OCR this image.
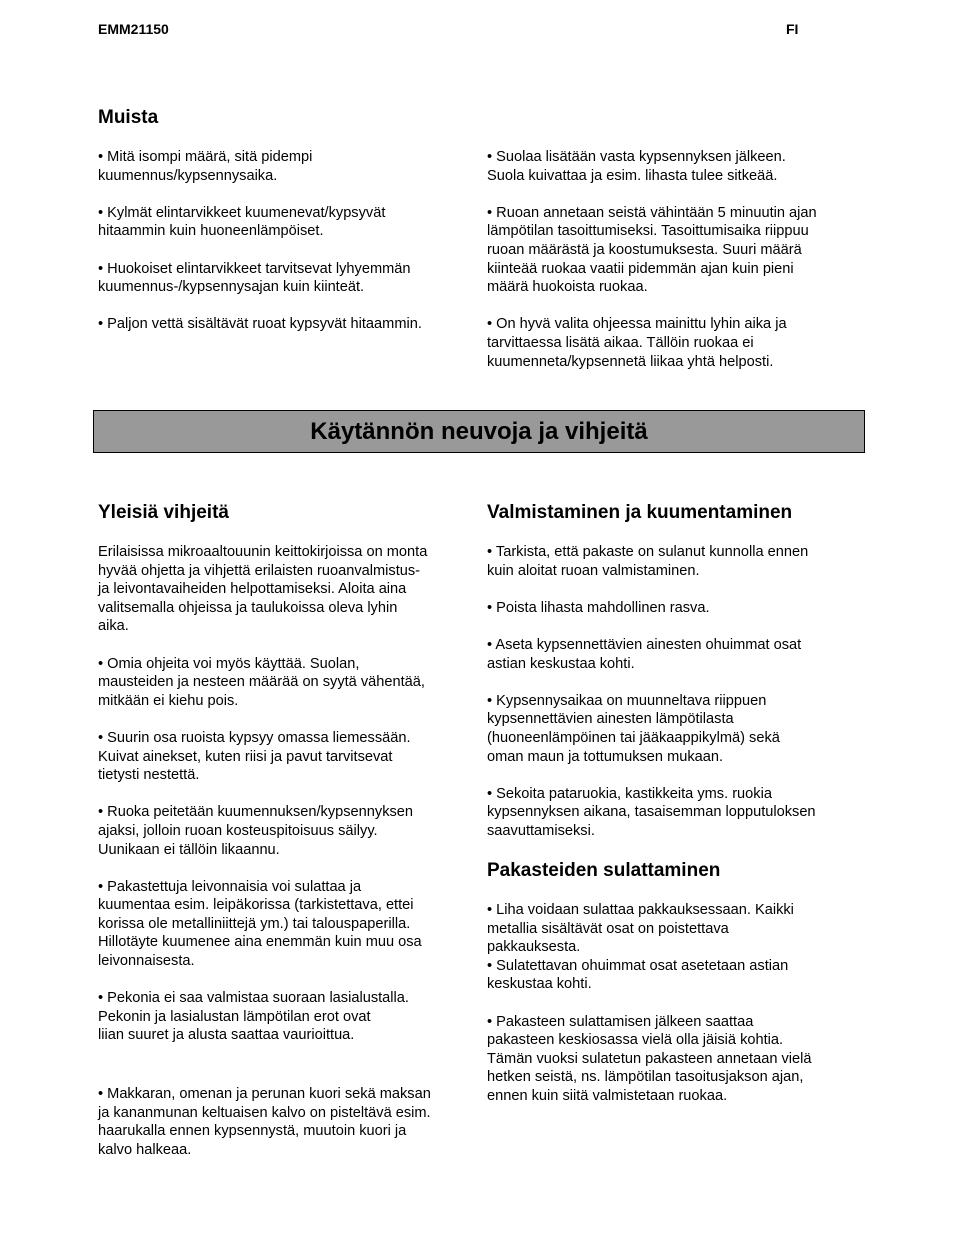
EMM21150	FI
Muista

• Mitä isompi määrä, sitä pidempi
kuumennus/kypsennysaika.

• Kylmät elintarvikkeet kuumenevat/kypsyvät
hitaammin kuin huoneenlämpöiset.

• Huokoiset elintarvikkeet tarvitsevat lyhyemmän
kuumennus-/kypsennysajan kuin kiinteät.

• Paljon vettä sisältävät ruoat kypsyvät hitaammin.

• Suolaa lisätään vasta kypsennyksen jälkeen.
Suola kuivattaa ja esim. lihasta tulee sitkeää.

• Ruoan annetaan seistä vähintään 5 minuutin ajan
lämpötilan tasoittumiseksi. Tasoittumisaika riippuu
ruoan määrästä ja koostumuksesta. Suuri määrä
kiinteää ruokaa vaatii pidemmän ajan kuin pieni
määrä huokoista ruokaa.

• On hyvä valita ohjeessa mainittu lyhin aika ja
tarvittaessa lisätä aikaa. Tällöin ruokaa ei
kuumenneta/kypsennetä liikaa yhtä helposti.

Käytännön neuvoja ja vihjeitä
Yleisiä vihjeitä

Erilaisissa mikroaaltouunin keittokirjoissa on monta
hyvää ohjetta ja vihjettä erilaisten ruoanvalmistus-
ja leivontavaiheiden helpottamiseksi. Aloita aina
valitsemalla ohjeissa ja taulukoissa oleva lyhin
aika.

• Omia ohjeita voi myös käyttää. Suolan,
mausteiden ja nesteen määrää on syytä vähentää,
mitkään ei kiehu pois.

• Suurin osa ruoista kypsyy omassa liemessään.
Kuivat ainekset, kuten riisi ja pavut tarvitsevat
tietysti nestettä.

• Ruoka peitetään kuumennuksen/kypsennyksen
ajaksi, jolloin ruoan kosteuspitoisuus säilyy.
Uunikaan ei tällöin likaannu.

• Pakastettuja leivonnaisia voi sulattaa ja
kuumentaa esim. leipäkorissa (tarkistettava, ettei
korissa ole metalliniittejä ym.) tai talouspaperilla.
Hillotäyte kuumenee aina enemmän kuin muu osa
leivonnaisesta.

• Pekonia ei saa valmistaa suoraan lasialustalla.
Pekonin ja lasialustan lämpötilan erot ovat
liian suuret ja alusta saattaa vaurioittua.

• Makkaran, omenan ja perunan kuori sekä maksan
ja kananmunan keltuaisen kalvo on pisteltävä esim.
haarukalla ennen kypsennystä, muutoin kuori ja
kalvo halkeaa.

Valmistaminen ja kuumentaminen

• Tarkista, että pakaste on sulanut kunnolla ennen
kuin aloitat ruoan valmistaminen.

• Poista lihasta mahdollinen rasva.

• Aseta kypsennettävien ainesten ohuimmat osat
astian keskustaa kohti.

• Kypsennysaikaa on muunneltava riippuen
kypsennettävien ainesten lämpötilasta
(huoneenlämpöinen tai jääkaappikylmä) sekä
oman maun ja tottumuksen mukaan.

• Sekoita pataruokia, kastikkeita yms. ruokia
kypsennyksen aikana, tasaisemman lopputuloksen
saavuttamiseksi.

Pakasteiden sulattaminen

• Liha voidaan sulattaa pakkauksessaan. Kaikki
metallia sisältävät osat on poistettava
pakkauksesta.
• Sulatettavan ohuimmat osat asetetaan astian
keskustaa kohti.

• Pakasteen sulattamisen jälkeen saattaa
pakasteen keskiosassa vielä olla jäisiä kohtia.
Tämän vuoksi sulatetun pakasteen annetaan vielä
hetken seistä, ns. lämpötilan tasoitusjakson ajan,
ennen kuin siitä valmistetaan ruokaa.
